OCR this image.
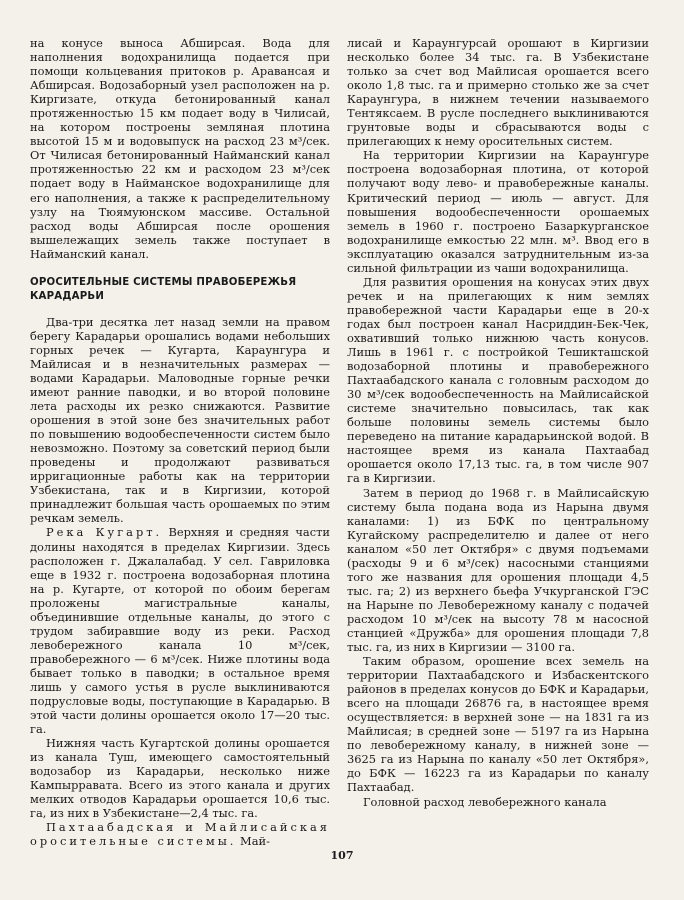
на конусе выноса Абширсая. Вода для наполнения водохранилища подается при помощи кольцевания притоков р. Аравансая и Абширсая. Водозаборный узел расположен на р. Киргизате, откуда бетонированный канал протяженностью 15 км подает воду в Чилисай, на котором построены земляная плотина высотой 15 м и водовыпуск на расход 23 м³/сек. От Чилисая бетонированный Найманский канал протяженностью 22 км и расходом 23 м³/сек подает воду в Найманское водохранилище для его наполнения, а также к распределительному узлу на Тюямуюнском массиве. Остальной расход воды Абширсая после орошения вышележащих земель также поступает в Найманский канал.

ОРОСИТЕЛЬНЫЕ СИСТЕМЫ ПРАВОБЕРЕЖЬЯ КАРАДАРЬИ

Два-три десятка лет назад земли на правом берегу Карадарьи орошались водами небольших горных речек — Кугарта, Караунгура и Майлисая и в незначительных размерах — водами Карадарьи. Маловодные горные речки имеют ранние паводки, и во второй половине лета расходы их резко снижаются. Развитие орошения в этой зоне без значительных работ по повышению водообеспеченности систем было невозможно. Поэтому за советский период были проведены и продолжают развиваться ирригационные работы как на территории Узбекистана, так и в Киргизии, которой принадлежит большая часть орошаемых по этим речкам земель.

Река Кугарт. Верхняя и средняя части долины находятся в пределах Киргизии. Здесь расположен г. Джалалабад. У сел. Гавриловка еще в 1932 г. построена водозаборная плотина на р. Кугарте, от которой по обоим берегам проложены магистральные каналы, объединившие отдельные каналы, до этого с трудом забиравшие воду из реки. Расход левобережного канала 10 м³/сек, правобережного — 6 м³/сек. Ниже плотины вода бывает только в паводки; в остальное время лишь у самого устья в русле выклиниваются подрусловые воды, поступающие в Карадарью. В этой части долины орошается около 17—20 тыс. га.

Нижняя часть Кугартской долины орошается из канала Туш, имеющего самостоятельный водозабор из Карадарьи, несколько ниже Кампырравата. Всего из этого канала и других мелких отводов Карадарьи орошается 10,6 тыс. га, из них в Узбекистане—2,4 тыс. га.

Пахтаабадская и Майлисайская оросительные системы. Май-

лисай и Караунгурсай орошают в Киргизии несколько более 34 тыс. га. В Узбекистане только за счет вод Майлисая орошается всего около 1,8 тыс. га и примерно столько же за счет Караунгура, в нижнем течении называемого Тентяксаем. В русле последнего выклиниваются грунтовые воды и сбрасываются воды с прилегающих к нему оросительных систем.

На территории Киргизии на Караунгуре построена водозаборная плотина, от которой получают воду лево- и правобережные каналы. Критический период — июль — август. Для повышения водообеспеченности орошаемых земель в 1960 г. построено Базаркурганское водохранилище емкостью 22 млн. м³. Ввод его в эксплуатацию оказался затруднительным из-за сильной фильтрации из чаши водохранилища.

Для развития орошения на конусах этих двух речек и на прилегающих к ним землях правобережной части Карадарьи еще в 20-х годах был построен канал Насриддин-Бек-Чек, охвативший только нижнюю часть конусов. Лишь в 1961 г. с постройкой Тешикташской водозаборной плотины и правобережного Пахтаабадского канала с головным расходом до 30 м³/сек водообеспеченность на Майлисайской системе значительно повысилась, так как больше половины земель системы было переведено на питание карадарьинской водой. В настоящее время из канала Пахтаабад орошается около 17,13 тыс. га, в том числе 907 га в Киргизии.

Затем в период до 1968 г. в Майлисайскую систему была подана вода из Нарына двумя каналами: 1) из БФК по центральному Кугайскому распределителю и далее от него каналом «50 лет Октября» с двумя подъемами (расходы 9 и 6 м³/сек) насосными станциями того же названия для орошения площади 4,5 тыс. га; 2) из верхнего бьефа Учкурганской ГЭС на Нарыне по Левобережному каналу с подачей расходом 10 м³/сек на высоту 78 м насосной станцией «Дружба» для орошения площади 7,8 тыс. га, из них в Киргизии — 3100 га.

Таким образом, орошение всех земель на территории Пахтаабадского и Избаскентского районов в пределах конусов до БФК и Карадарьи, всего на площади 26876 га, в настоящее время осуществляется: в верхней зоне — на 1831 га из Майлисая; в средней зоне — 5197 га из Нарына по левобережному каналу, в нижней зоне — 3625 га из Нарына по каналу «50 лет Октября», до БФК — 16223 га из Карадарьи по каналу Пахтаабад.

Головной расход левобережного канала

107
